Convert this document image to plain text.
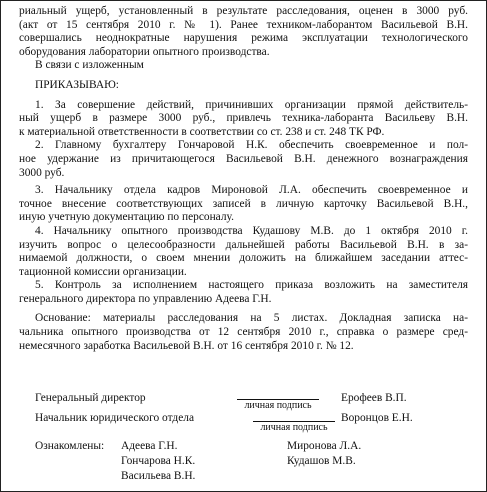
риальный ущерб, установленный в результате расследования, оценен в 3000 руб.
(акт от 15 сентября 2010 г. № 1). Ранее техником-лаборантом Васильевой В.Н.
совершались неоднократные нарушения режима эксплуатации технологического
оборудования лаборатории опытного производства.
В связи с изложенным
ПРИКАЗЫВАЮ:
1. За совершение действий, причинивших организации прямой действитель-
ный ущерб в размере 3000 руб., привлечь техника-лаборанта Васильеву В.Н.
к материальной ответственности в соответствии со ст. 238 и ст. 248 ТК РФ.
2. Главному бухгалтеру Гончаровой Н.К. обеспечить своевременное и пол-
ное удержание из причитающегося Васильевой В.Н. денежного вознаграждения
3000 руб.
3. Начальнику отдела кадров Мироновой Л.А. обеспечить своевременное и
точное внесение соответствующих записей в личную карточку Васильевой В.Н.,
иную учетную документацию по персоналу.
4. Начальнику опытного производства Кудашову М.В. до 1 октября 2010 г.
изучить вопрос о целесообразности дальнейшей работы Васильевой В.Н. в за-
нимаемой должности, о своем мнении доложить на ближайшем заседании аттес-
тационной комиссии организации.
5. Контроль за исполнением настоящего приказа возложить на заместителя
генерального директора по управлению Адеева Г.Н.
Основание: материалы расследования на 5 листах. Докладная записка на-
чальника опытного производства от 12 сентября 2010 г., справка о размере сред-
немесячного заработка Васильевой В.Н. от 16 сентября 2010 г. № 12.
Генеральный директор
личная подпись
Ерофеев В.П.
Начальник юридического отдела
личная подпись
Воронцов Е.Н.
Ознакомлены: Адеева Г.Н.
Гончарова Н.К.
Васильева В.Н.
Миронова Л.А.
Кудашов М.В.
